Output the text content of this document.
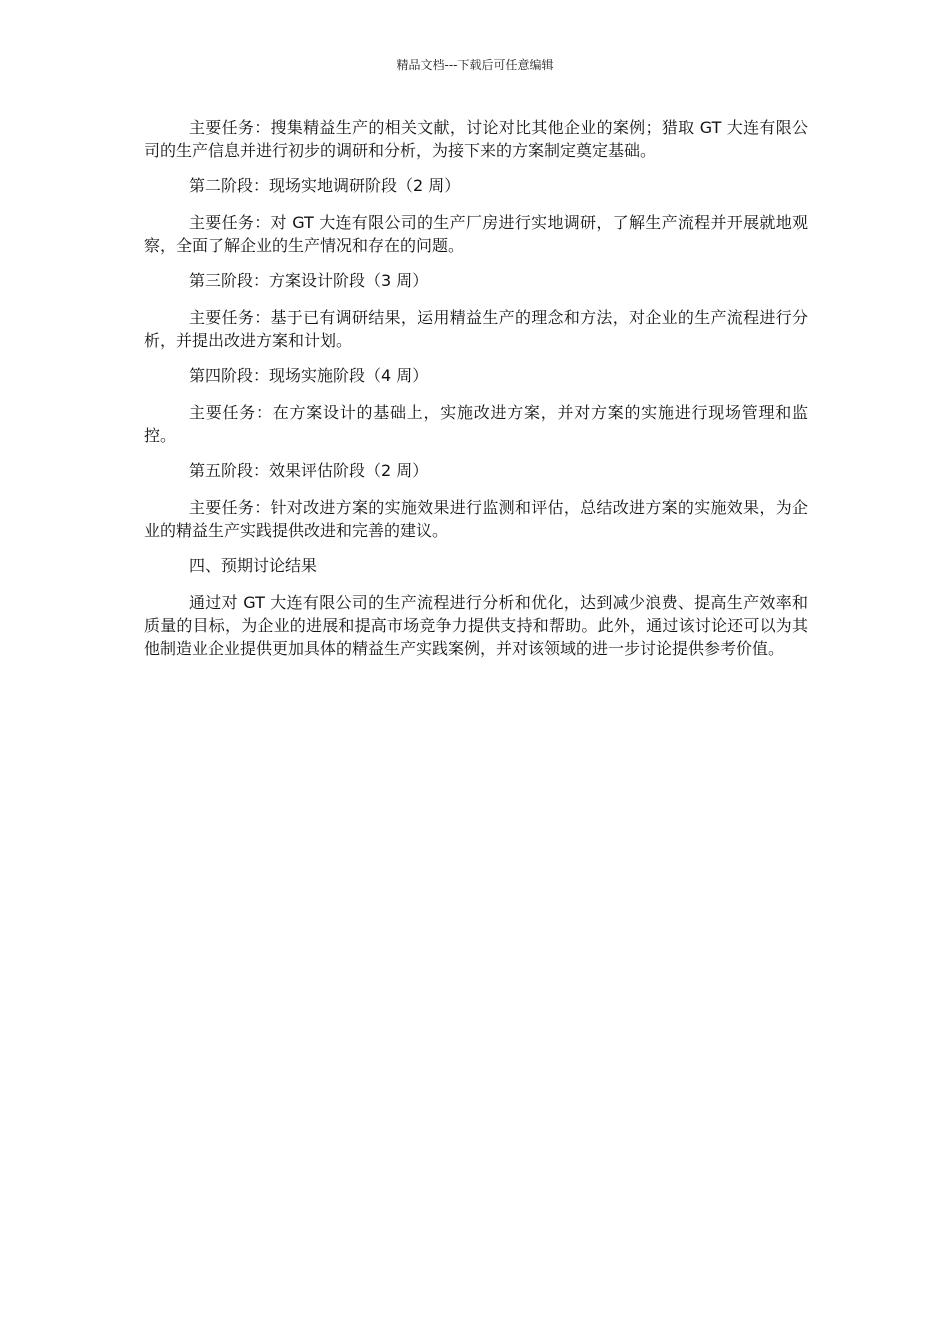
精品文档---下载后可任意编辑

主要任务：搜集精益生产的相关文献，讨论对比其他企业的案例；猎取 GT 大连有限公司的生产信息并进行初步的调研和分析，为接下来的方案制定奠定基础。

第二阶段：现场实地调研阶段（2 周）

主要任务：对 GT 大连有限公司的生产厂房进行实地调研，了解生产流程并开展就地观察，全面了解企业的生产情况和存在的问题。

第三阶段：方案设计阶段（3 周）

主要任务：基于已有调研结果，运用精益生产的理念和方法，对企业的生产流程进行分析，并提出改进方案和计划。

第四阶段：现场实施阶段（4 周）

主要任务：在方案设计的基础上，实施改进方案，并对方案的实施进行现场管理和监控。

第五阶段：效果评估阶段（2 周）

主要任务：针对改进方案的实施效果进行监测和评估，总结改进方案的实施效果，为企业的精益生产实践提供改进和完善的建议。

四、预期讨论结果

通过对 GT 大连有限公司的生产流程进行分析和优化，达到减少浪费、提高生产效率和质量的目标，为企业的进展和提高市场竞争力提供支持和帮助。此外，通过该讨论还可以为其他制造业企业提供更加具体的精益生产实践案例，并对该领域的进一步讨论提供参考价值。
